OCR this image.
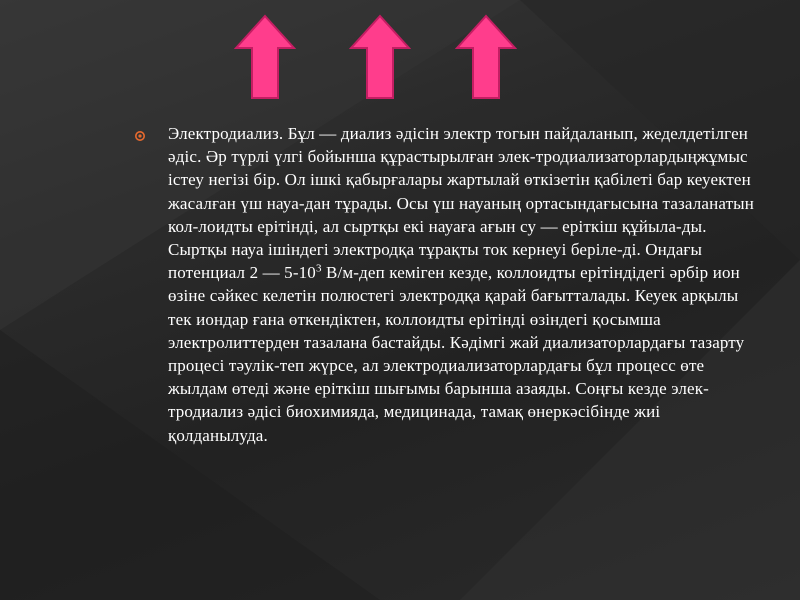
Электродиализ. Бұл — диализ әдісін электр тогын пайдаланып, жеделдетілген әдіс. Әр түрлі үлгі бойынша құрастырылған элек-тродиализаторлардыңжұмыс істеу негізі бір. Ол ішкі қабырғалары жартылай өткізетін қабілеті бар кеуектен жасалған үш науа-дан тұрады. Осы үш науаның ортасындағысына тазаланатын кол-лоидты ерітінді, ал сыртқы екі науаға ағын су — еріткіш құйыла-ды. Сыртқы науа ішіндегі электродқа тұрақты ток кернеуі беріле-ді. Ондағы потенциал 2 — $5-10^3$ В/м-деп кеміген кезде, коллоидты ерітіндідегі әрбір ион өзіне сәйкес келетін полюстегі электродқа қарай бағытталады. Кеуек арқылы тек иондар ғана өткендіктен, коллоидты ерітінді өзіндегі қосымша электролиттерден тазалана бастайды. Кәдімгі жай диализаторлардағы тазарту процесі тәулік-теп жүрсе, ал электродиализаторлардағы бұл процесс өте жылдам өтеді және еріткіш шығымы барынша азаяды. Соңғы кезде элек-тродиализ әдісі биохимияда, медицинада, тамақ өнеркәсібінде жиі қолданылуда.
